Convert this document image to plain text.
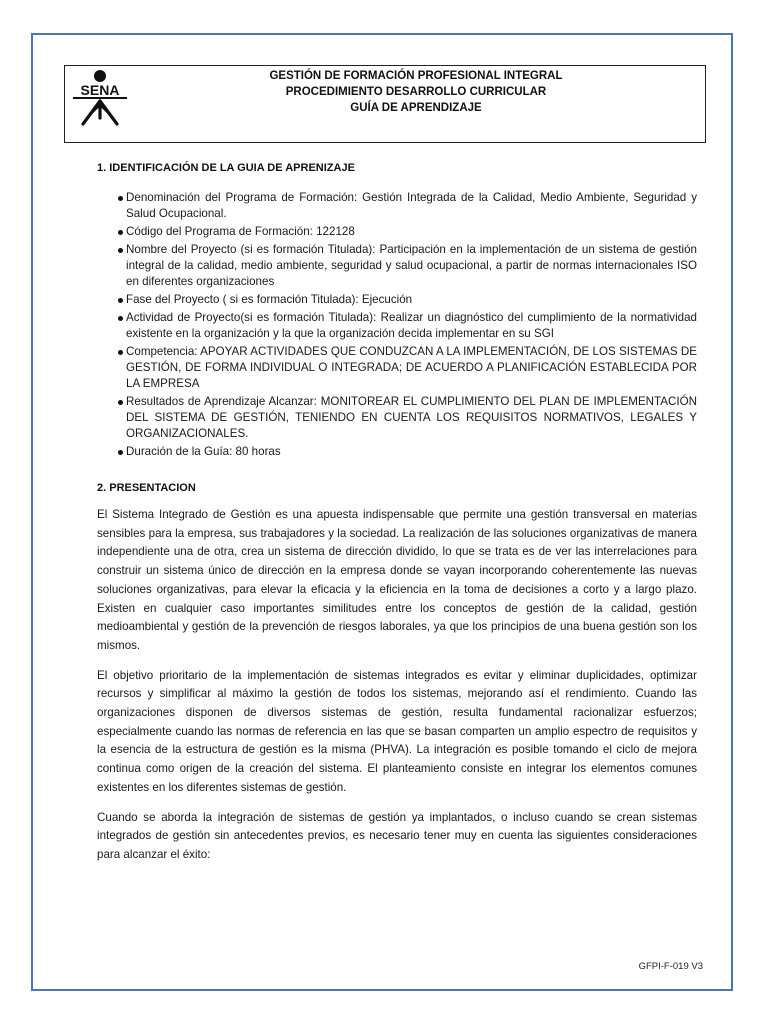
SENA
GESTIÓN DE FORMACIÓN PROFESIONAL INTEGRAL
PROCEDIMIENTO DESARROLLO CURRICULAR
GUÍA DE APRENDIZAJE
1. IDENTIFICACIÓN DE LA GUIA DE APRENIZAJE
Denominación del Programa de Formación: Gestión Integrada de la Calidad, Medio Ambiente, Seguridad y Salud Ocupacional.
Código del Programa de Formación: 122128
Nombre del Proyecto (si es formación Titulada): Participación en la implementación de un sistema de gestión integral de la calidad, medio ambiente, seguridad y salud ocupacional, a partir de normas internacionales ISO en diferentes organizaciones
Fase del Proyecto ( si es formación Titulada): Ejecución
Actividad de Proyecto(si es formación Titulada): Realizar un diagnóstico del cumplimiento de la normatividad existente en la organización y la que la organización decida implementar en su SGI
Competencia: APOYAR ACTIVIDADES QUE CONDUZCAN A LA IMPLEMENTACIÓN, DE LOS SISTEMAS DE GESTIÓN, DE FORMA INDIVIDUAL O INTEGRADA; DE ACUERDO A PLANIFICACIÓN ESTABLECIDA POR LA EMPRESA
Resultados de Aprendizaje Alcanzar: MONITOREAR EL CUMPLIMIENTO DEL PLAN DE IMPLEMENTACIÓN DEL SISTEMA DE GESTIÓN, TENIENDO EN CUENTA LOS REQUISITOS NORMATIVOS, LEGALES Y ORGANIZACIONALES.
Duración de la Guía: 80 horas
2. PRESENTACION

El Sistema Integrado de Gestión es una apuesta indispensable que permite una gestión transversal en materias sensibles para la empresa, sus trabajadores y la sociedad. La realización de las soluciones organizativas de manera independiente una de otra, crea un sistema de dirección dividido, lo que se trata es de ver las interrelaciones para construir un sistema único de dirección en la empresa donde se vayan incorporando coherentemente las nuevas soluciones organizativas, para elevar la eficacia y la eficiencia en la toma de decisiones a corto y a largo plazo. Existen en cualquier caso importantes similitudes entre los conceptos de gestión de la calidad, gestión medioambiental y gestión de la prevención de riesgos laborales, ya que los principios de una buena gestión son los mismos.

El objetivo prioritario de la implementación de sistemas integrados es evitar y eliminar duplicidades, optimizar recursos y simplificar al máximo la gestión de todos los sistemas, mejorando así el rendimiento. Cuando las organizaciones disponen de diversos sistemas de gestión, resulta fundamental racionalizar esfuerzos; especialmente cuando las normas de referencia en las que se basan comparten un amplio espectro de requisitos y la esencia de la estructura de gestión es la misma (PHVA). La integración es posible tomando el ciclo de mejora continua como origen de la creación del sistema. El planteamiento consiste en integrar los elementos comunes existentes en los diferentes sistemas de gestión.

Cuando se aborda la integración de sistemas de gestión ya implantados, o incluso cuando se crean sistemas integrados de gestión sin antecedentes previos, es necesario tener muy en cuenta las siguientes consideraciones para alcanzar el éxito:

GFPI-F-019 V3
